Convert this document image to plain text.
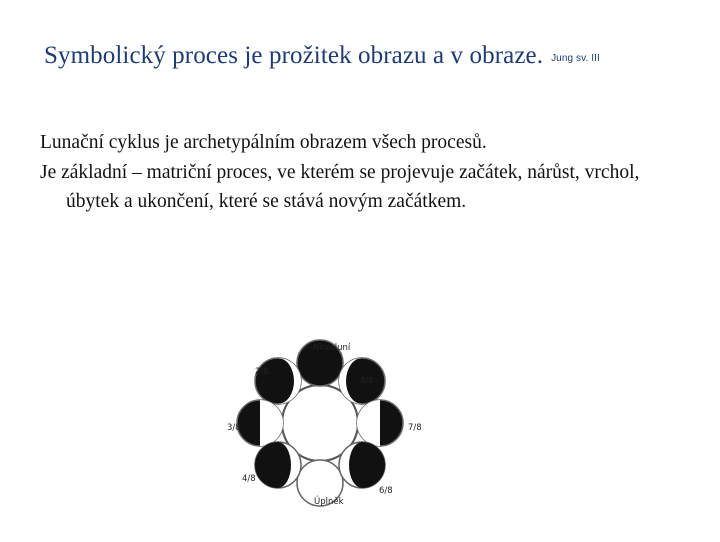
Symbolický proces je prožitek obrazu a v obraze. Jung sv. III

Lunační cyklus je archetypálním obrazem všech procesů.

Je základní – matriční proces, ve kterém se projevuje začátek, nárůst, vrchol, úbytek a ukončení, které se stává novým začátkem.

Novoluní
Úplněk
2/8
8/8
3/8	7/8
4/8
6/8
